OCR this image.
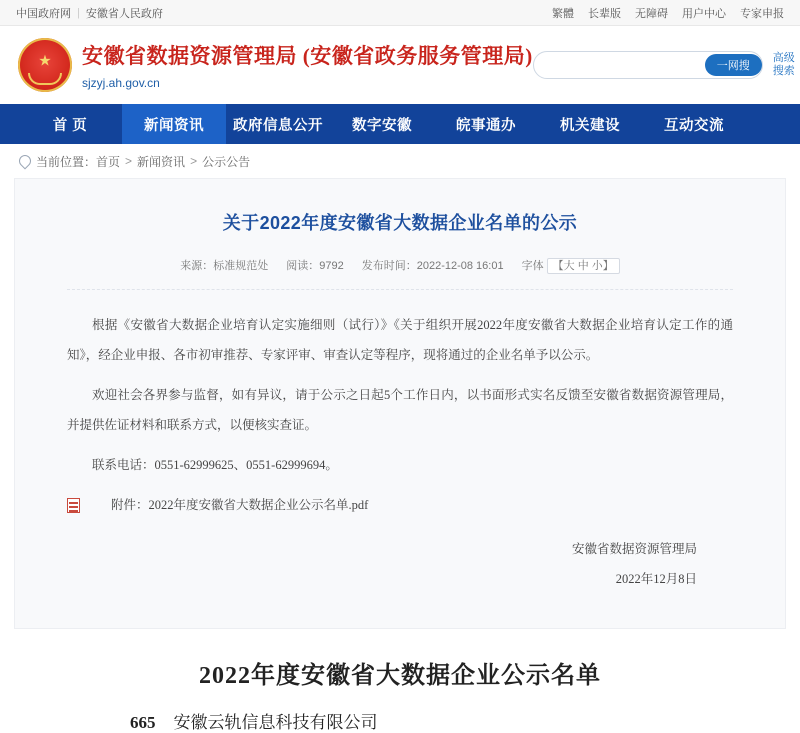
中国政府网 | 安徽省人民政府	繁體 长辈版 无障碍 用户中心 专家申报
★ 安徽省数据资源管理局 (安徽省政务服务管理局)
sjzyj.ah.gov.cn
一网搜
高级搜索
首 页	新闻资讯	政府信息公开	数字安徽	皖事通办	机关建设	互动交流
当前位置： 首页 > 新闻资讯 > 公示公告
关于2022年度安徽省大数据企业名单的公示
来源：标准规范处 阅读：9792 发布时间：2022-12-08 16:01 字体 【大 中 小】

根据《安徽省大数据企业培育认定实施细则（试行）》《关于组织开展2022年度安徽省大数据企业培育认定工作的通知》，经企业申报、各市初审推荐、专家评审、审查认定等程序，现将通过的企业名单予以公示。

欢迎社会各界参与监督，如有异议，请于公示之日起5个工作日内，以书面形式实名反馈至安徽省数据资源管理局，并提供佐证材料和联系方式，以便核实查证。

联系电话：0551-62999625、0551-62999694。

附件：2022年度安徽省大数据企业公示名单.pdf

安徽省数据资源管理局
2022年12月8日
2022年度安徽省大数据企业公示名单
665 安徽云轨信息科技有限公司
